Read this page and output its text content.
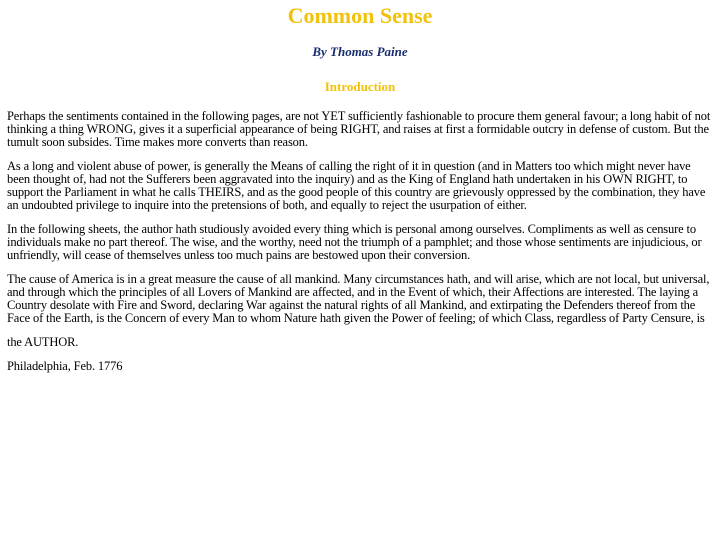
Common Sense
By Thomas Paine
Introduction

Perhaps the sentiments contained in the following pages, are not YET sufficiently fashionable to procure them general favour; a long habit of not thinking a thing WRONG, gives it a superficial appearance of being RIGHT, and raises at first a formidable outcry in defense of custom. But the tumult soon subsides. Time makes more converts than reason.

As a long and violent abuse of power, is generally the Means of calling the right of it in question (and in Matters too which might never have been thought of, had not the Sufferers been aggravated into the inquiry) and as the King of England hath undertaken in his OWN RIGHT, to support the Parliament in what he calls THEIRS, and as the good people of this country are grievously oppressed by the combination, they have an undoubted privilege to inquire into the pretensions of both, and equally to reject the usurpation of either.

In the following sheets, the author hath studiously avoided every thing which is personal among ourselves. Compliments as well as censure to individuals make no part thereof. The wise, and the worthy, need not the triumph of a pamphlet; and those whose sentiments are injudicious, or unfriendly, will cease of themselves unless too much pains are bestowed upon their conversion.

The cause of America is in a great measure the cause of all mankind. Many circumstances hath, and will arise, which are not local, but universal, and through which the principles of all Lovers of Mankind are affected, and in the Event of which, their Affections are interested. The laying a Country desolate with Fire and Sword, declaring War against the natural rights of all Mankind, and extirpating the Defenders thereof from the Face of the Earth, is the Concern of every Man to whom Nature hath given the Power of feeling; of which Class, regardless of Party Censure, is

the AUTHOR.

Philadelphia, Feb. 1776
